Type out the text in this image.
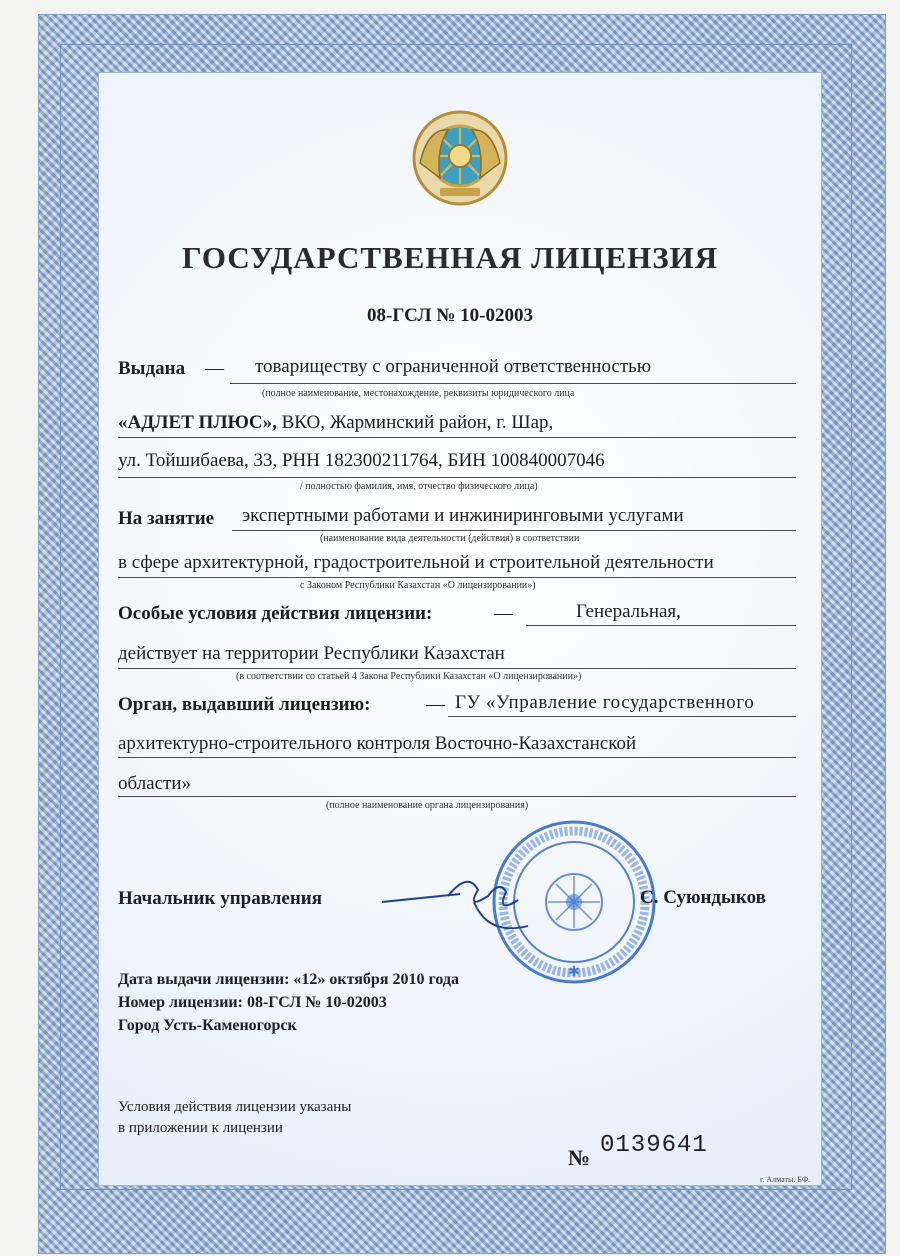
ГОСУДАРСТВЕННАЯ ЛИЦЕНЗИЯ
08-ГСЛ № 10-02003
Выдана — товариществу с ограниченной ответственностью
(полное наименование, местонахождение, реквизиты юридического лица
«АДЛЕТ ПЛЮС», ВКО, Жарминский район, г. Шар,
ул. Тойшибаева, 33, РНН 182300211764, БИН 100840007046
/ полностью фамилия, имя, отчество физического лица)
На занятие экспертными работами и инжиниринговыми услугами
(наименование вида деятельности (действия) в соответствии
в сфере архитектурной, градостроительной и строительной деятельности
с Законом Республики Казахстан «О лицензировании»)
Особые условия действия лицензии:	—	Генеральная,
действует на территории Республики Казахстан
(в соответствии со статьей 4 Закона Республики Казахстан «О лицензировании»)
Орган, выдавший лицензию:	— ГУ «Управление государственного
архитектурно-строительного контроля Восточно-Казахстанской
области»
(полное наименование органа лицензирования)
Начальник управления
✱
С. Суюндыков
Дата выдачи лицензии: «12» октября 2010 года
Номер лицензии: 08-ГСЛ № 10-02003
Город Усть-Каменогорск
Условия действия лицензии указаны
в приложении к лицензии
№ 0139641
г. Алматы. БФ.
